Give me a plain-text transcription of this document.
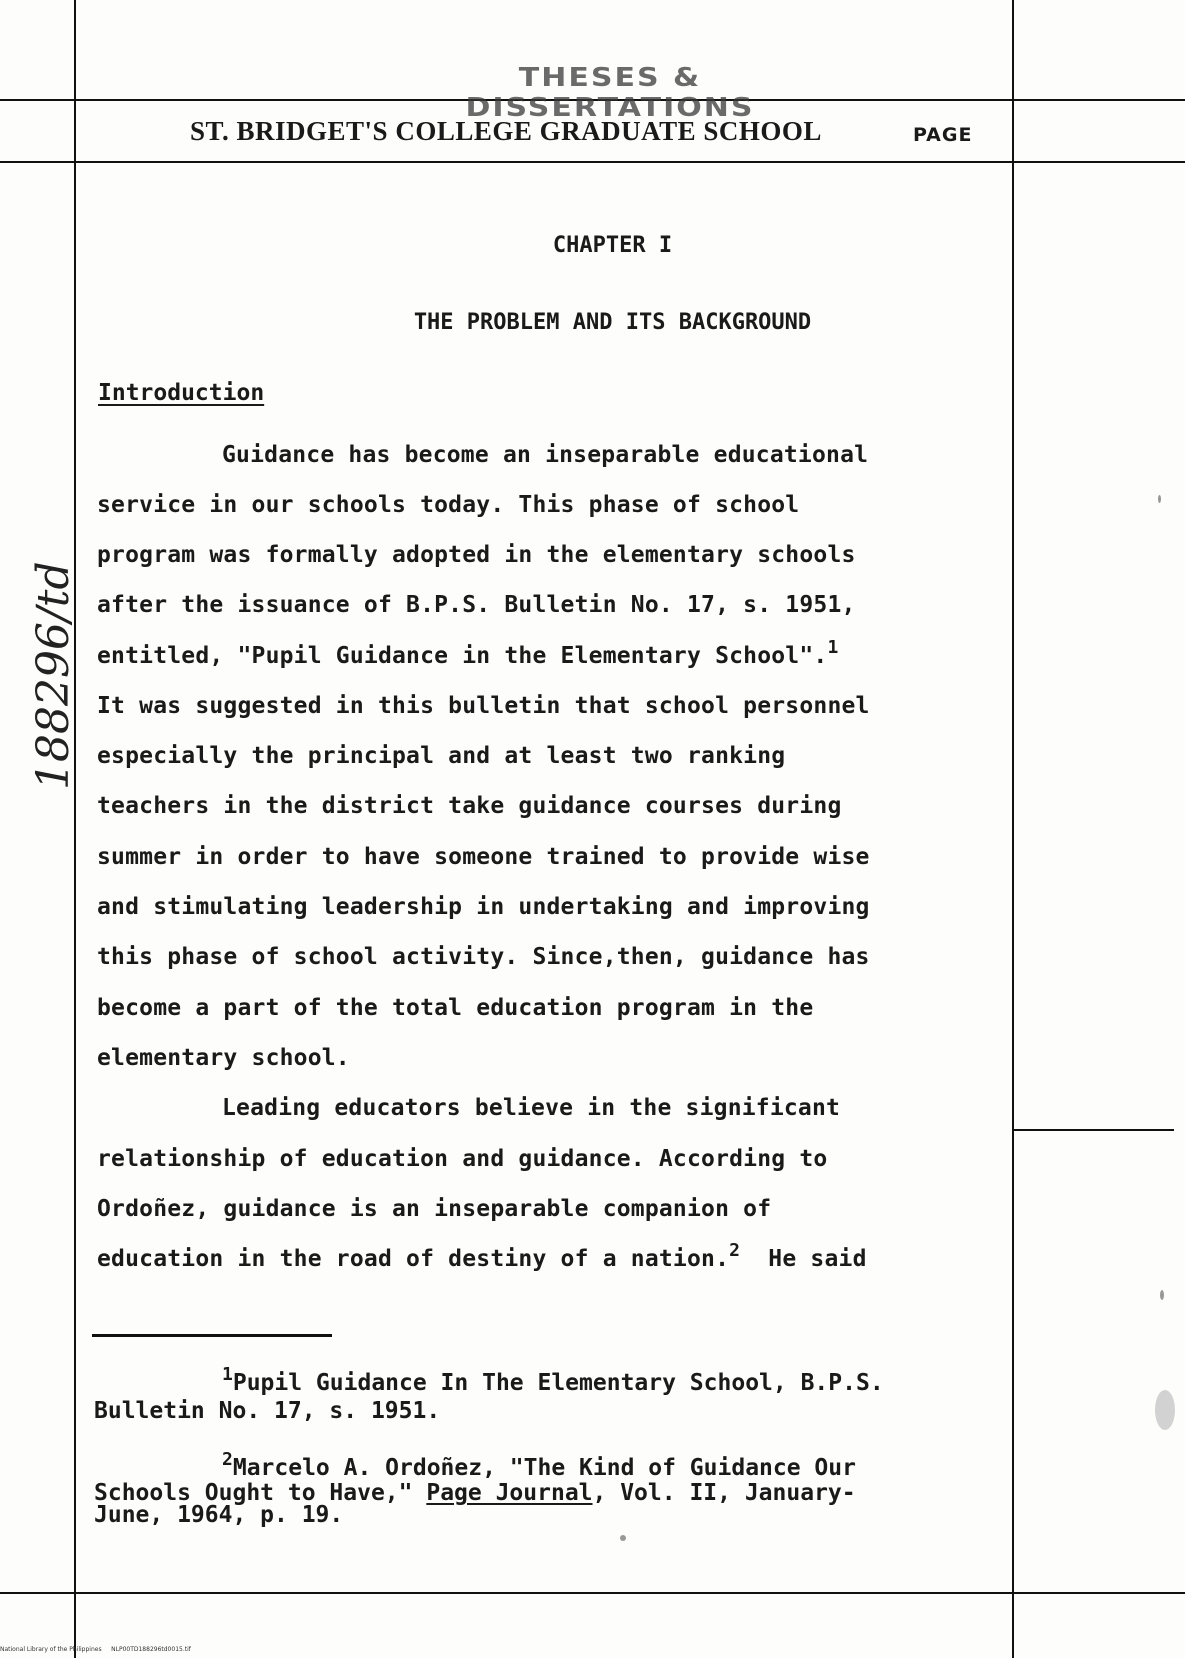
THESES & DISSERTATIONS
ST. BRIDGET'S COLLEGE GRADUATE SCHOOL	PAGE
CHAPTER I
THE PROBLEM AND ITS BACKGROUND
Introduction
Guidance has become an inseparable educational
service in our schools today. This phase of school
program was formally adopted in the elementary schools
after the issuance of B.P.S. Bulletin No. 17, s. 1951,
entitled, "Pupil Guidance in the Elementary School".$^1$
It was suggested in this bulletin that school personnel
especially the principal and at least two ranking
teachers in the district take guidance courses during
summer in order to have someone trained to provide wise
and stimulating leadership in undertaking and improving
this phase of school activity. Since,then, guidance has
become a part of the total education program in the
elementary school.
Leading educators believe in the significant
relationship of education and guidance. According to
Ordoñez, guidance is an inseparable companion of
education in the road of destiny of a nation.$^2$ He said
$^1$Pupil Guidance In The Elementary School, B.P.S.
Bulletin No. 17, s. 1951.
$^2$Marcelo A. Ordoñez, "The Kind of Guidance Our
Schools Ought to Have," Page Journal, Vol. II, January-
June, 1964, p. 19.
188296/td
National Library of the Philippines NLP00TD188296td0015.tif
